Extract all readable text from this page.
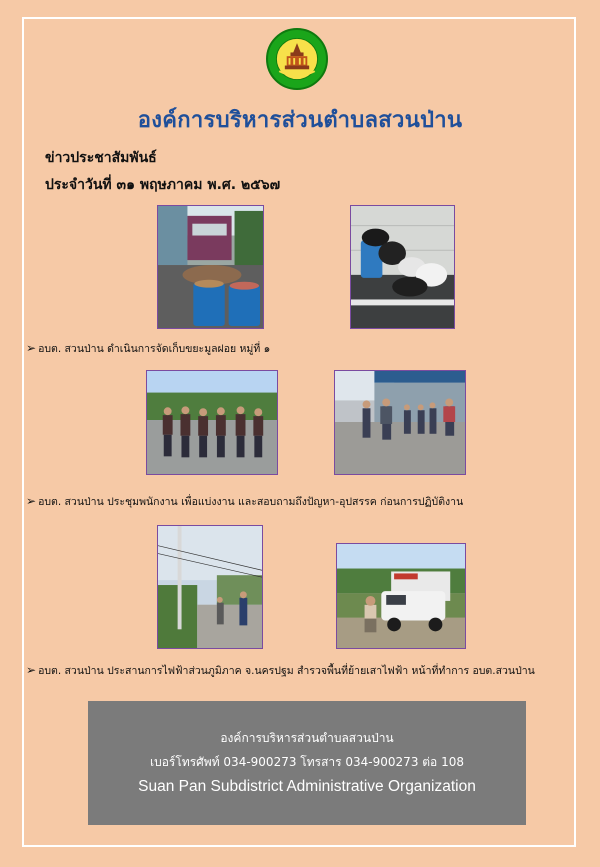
องค์การบริหารส่วนตำบลสวนป่าน
ข่าวประชาสัมพันธ์
ประจำวันที่ ๓๑ พฤษภาคม พ.ศ. ๒๕๖๗
➢ อบต. สวนป่าน ดำเนินการจัดเก็บขยะมูลฝอย หมู่ที่ ๑
➢ อบต. สวนป่าน ประชุมพนักงาน เพื่อแบ่งงาน และสอบถามถึงปัญหา-อุปสรรค ก่อนการปฏิบัติงาน
➢ อบต. สวนป่าน ประสานการไฟฟ้าส่วนภูมิภาค จ.นครปฐม สำรวจพื้นที่ย้ายเสาไฟฟ้า หน้าที่ทำการ อบต.สวนป่าน
องค์การบริหารส่วนตำบลสวนป่าน
เบอร์โทรศัพท์ 034-900273 โทรสาร 034-900273 ต่อ 108
Suan Pan Subdistrict Administrative Organization
